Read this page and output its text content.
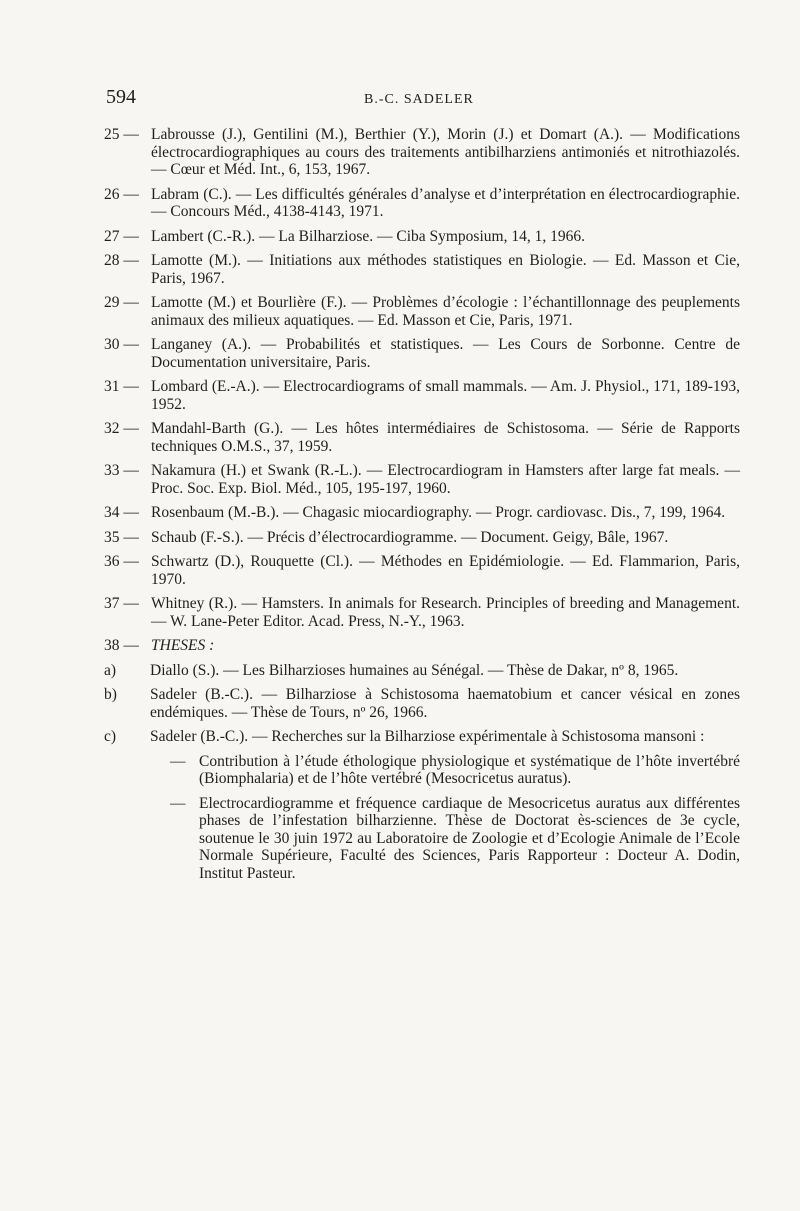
594	B.-C. SADELER
25 — Labrousse (J.), Gentilini (M.), Berthier (Y.), Morin (J.) et Domart (A.). — Modifications électrocardiographiques au cours des traitements antibilharziens antimoniés et nitrothiazolés. — Cœur et Méd. Int., 6, 153, 1967.
26 — Labram (C.). — Les difficultés générales d’analyse et d’interprétation en électrocardiographie. — Concours Méd., 4138-4143, 1971.
27 — Lambert (C.-R.). — La Bilharziose. — Ciba Symposium, 14, 1, 1966.
28 — Lamotte (M.). — Initiations aux méthodes statistiques en Biologie. — Ed. Masson et Cie, Paris, 1967.
29 — Lamotte (M.) et Bourlière (F.). — Problèmes d’écologie : l’échantillonnage des peuplements animaux des milieux aquatiques. — Ed. Masson et Cie, Paris, 1971.
30 — Langaney (A.). — Probabilités et statistiques. — Les Cours de Sorbonne. Centre de Documentation universitaire, Paris.
31 — Lombard (E.-A.). — Electrocardiograms of small mammals. — Am. J. Physiol., 171, 189-193, 1952.
32 — Mandahl-Barth (G.). — Les hôtes intermédiaires de Schistosoma. — Série de Rapports techniques O.M.S., 37, 1959.
33 — Nakamura (H.) et Swank (R.-L.). — Electrocardiogram in Hamsters after large fat meals. — Proc. Soc. Exp. Biol. Méd., 105, 195-197, 1960.
34 — Rosenbaum (M.-B.). — Chagasic miocardiography. — Progr. cardiovasc. Dis., 7, 199, 1964.
35 — Schaub (F.-S.). — Précis d’électrocardiogramme. — Document. Geigy, Bâle, 1967.
36 — Schwartz (D.), Rouquette (Cl.). — Méthodes en Epidémiologie. — Ed. Flammarion, Paris, 1970.
37 — Whitney (R.). — Hamsters. In animals for Research. Principles of breeding and Management. — W. Lane-Peter Editor. Acad. Press, N.-Y., 1963.
38 — THESES :
a) Diallo (S.). — Les Bilharzioses humaines au Sénégal. — Thèse de Dakar, nº 8, 1965.
b) Sadeler (B.-C.). — Bilharziose à Schistosoma haematobium et cancer vésical en zones endémiques. — Thèse de Tours, nº 26, 1966.
c) Sadeler (B.-C.). — Recherches sur la Bilharziose expérimentale à Schistosoma mansoni :
— Contribution à l’étude éthologique physiologique et systématique de l’hôte invertébré (Biomphalaria) et de l’hôte vertébré (Mesocricetus auratus).
— Electrocardiogramme et fréquence cardiaque de Mesocricetus auratus aux différentes phases de l’infestation bilharzienne. Thèse de Doctorat ès-sciences de 3e cycle, soutenue le 30 juin 1972 au Laboratoire de Zoologie et d’Ecologie Animale de l’Ecole Normale Supérieure, Faculté des Sciences, Paris Rapporteur : Docteur A. Dodin, Institut Pasteur.
